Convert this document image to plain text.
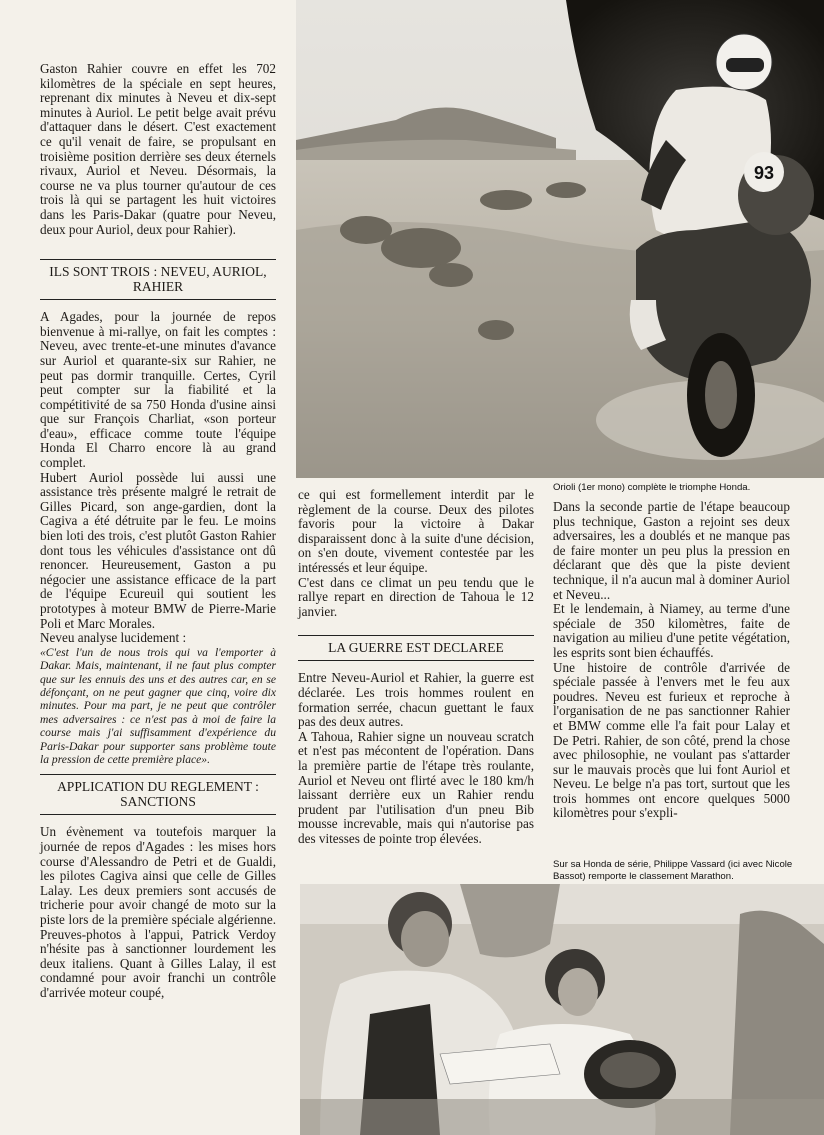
93
Orioli (1er mono) complète le triomphe Honda.
Sur sa Honda de série, Philippe Vassard (ici avec Nicole Bassot) remporte le classement Marathon.

Gaston Rahier couvre en effet les 702 kilomètres de la spéciale en sept heures, reprenant dix minutes à Neveu et dix-sept minutes à Auriol. Le petit belge avait prévu d'attaquer dans le désert. C'est exactement ce qu'il venait de faire, se propulsant en troisième position derrière ses deux éternels rivaux, Auriol et Neveu. Désormais, la course ne va plus tourner qu'autour de ces trois là qui se partagent les huit victoires dans les Paris-Dakar (quatre pour Neveu, deux pour Auriol, deux pour Rahier).

ILS SONT TROIS : NEVEU, AURIOL, RAHIER

A Agades, pour la journée de repos bienvenue à mi-rallye, on fait les comptes : Neveu, avec trente-et-une minutes d'avance sur Auriol et quarante-six sur Rahier, ne peut pas dormir tranquille. Certes, Cyril peut compter sur la fiabilité et la compétitivité de sa 750 Honda d'usine ainsi que sur François Charliat, «son porteur d'eau», efficace comme toute l'équipe Honda El Charro encore là au grand complet.

Hubert Auriol possède lui aussi une assistance très présente malgré le retrait de Gilles Picard, son ange-gardien, dont la Cagiva a été détruite par le feu. Le moins bien loti des trois, c'est plutôt Gaston Rahier dont tous les véhicules d'assistance ont dû renoncer. Heureusement, Gaston a pu négocier une assistance efficace de la part de l'équipe Ecureuil qui soutient les prototypes à moteur BMW de Pierre-Marie Poli et Marc Morales.

Neveu analyse lucidement :

«C'est l'un de nous trois qui va l'emporter à Dakar. Mais, maintenant, il ne faut plus compter que sur les ennuis des uns et des autres car, en se défonçant, on ne peut gagner que cinq, voire dix minutes. Pour ma part, je ne peut que contrôler mes adversaires : ce n'est pas à moi de faire la course mais j'ai suffisamment d'expérience du Paris-Dakar pour supporter sans problème toute la pression de cette première place».

APPLICATION DU REGLEMENT : SANCTIONS

Un évènement va toutefois marquer la journée de repos d'Agades : les mises hors course d'Alessandro de Petri et de Gualdi, les pilotes Cagiva ainsi que celle de Gilles Lalay. Les deux premiers sont accusés de tricherie pour avoir changé de moto sur la piste lors de la première spéciale algérienne. Preuves-photos à l'appui, Patrick Verdoy n'hésite pas à sanctionner lourdement les deux italiens. Quant à Gilles Lalay, il est condamné pour avoir franchi un contrôle d'arrivée moteur coupé,

ce qui est formellement interdit par le règlement de la course. Deux des pilotes favoris pour la victoire à Dakar disparaissent donc à la suite d'une décision, on s'en doute, vivement contestée par les intéressés et leur équipe.

C'est dans ce climat un peu tendu que le rallye repart en direction de Tahoua le 12 janvier.

LA GUERRE EST DECLAREE

Entre Neveu-Auriol et Rahier, la guerre est déclarée. Les trois hommes roulent en formation serrée, chacun guettant le faux pas des deux autres.

A Tahoua, Rahier signe un nouveau scratch et n'est pas mécontent de l'opération. Dans la première partie de l'étape très roulante, Auriol et Neveu ont flirté avec le 180 km/h laissant derrière eux un Rahier rendu prudent par l'utilisation d'un pneu Bib mousse increvable, mais qui n'autorise pas des vitesses de pointe trop élevées.

Dans la seconde partie de l'étape beaucoup plus technique, Gaston a rejoint ses deux adversaires, les a doublés et ne manque pas de faire monter un peu plus la pression en déclarant que dès que la piste devient technique, il n'a aucun mal à dominer Auriol et Neveu...

Et le lendemain, à Niamey, au terme d'une spéciale de 350 kilomètres, faite de navigation au milieu d'une petite végétation, les esprits sont bien échauffés.

Une histoire de contrôle d'arrivée de spéciale passée à l'envers met le feu aux poudres. Neveu est furieux et reproche à l'organisation de ne pas sanctionner Rahier et BMW comme elle l'a fait pour Lalay et De Petri. Rahier, de son côté, prend la chose avec philosophie, ne voulant pas s'attarder sur le mauvais procès que lui font Auriol et Neveu. Le belge n'a pas tort, surtout que les trois hommes ont encore quelques 5000 kilomètres pour s'expli-
